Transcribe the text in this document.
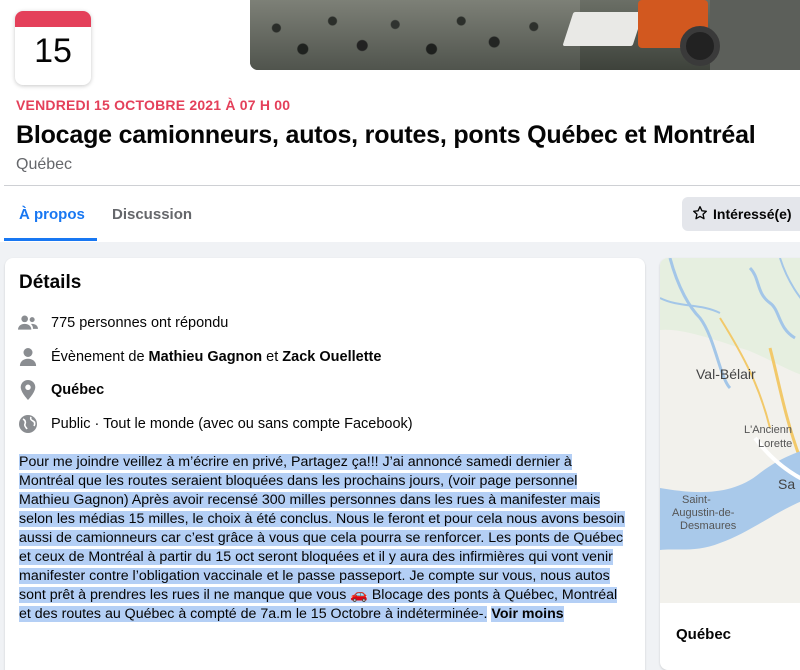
15
VENDREDI 15 OCTOBRE 2021 À 07 H 00
Blocage camionneurs, autos, routes, ponts Québec et Montréal
Québec
À propos Discussion	Intéressé(e)
Détails
775 personnes ont répondu
Évènement de Mathieu Gagnon et Zack Ouellette
Québec
Public · Tout le monde (avec ou sans compte Facebook)
Pour me joindre veillez à m’écrire en privé, Partagez ça!!! J’ai annoncé samedi dernier à Montréal que les routes seraient bloquées dans les prochains jours, (voir page personnel Mathieu Gagnon) Après avoir recensé 300 milles personnes dans les rues à manifester mais selon les médias 15 milles, le choix à été conclus. Nous le feront et pour cela nous avons besoin aussi de camionneurs car c’est grâce à vous que cela pourra se renforcer. Les ponts de Québec et ceux de Montréal à partir du 15 oct seront bloquées et il y aura des infirmières qui vont venir manifester contre l’obligation vaccinale et le passe passeport. Je compte sur vous, nous autos sont prêt à prendres les rues il ne manque que vous 🚗 Blocage des ponts à Québec, Montréal et des routes au Québec à compté de 7a.m le 15 Octobre à indéterminée-. Voir moins
Val-Bélair
L'Ancienn
Lorette
Saint-
Augustin-de-
Desmaures
Sa
Québec
